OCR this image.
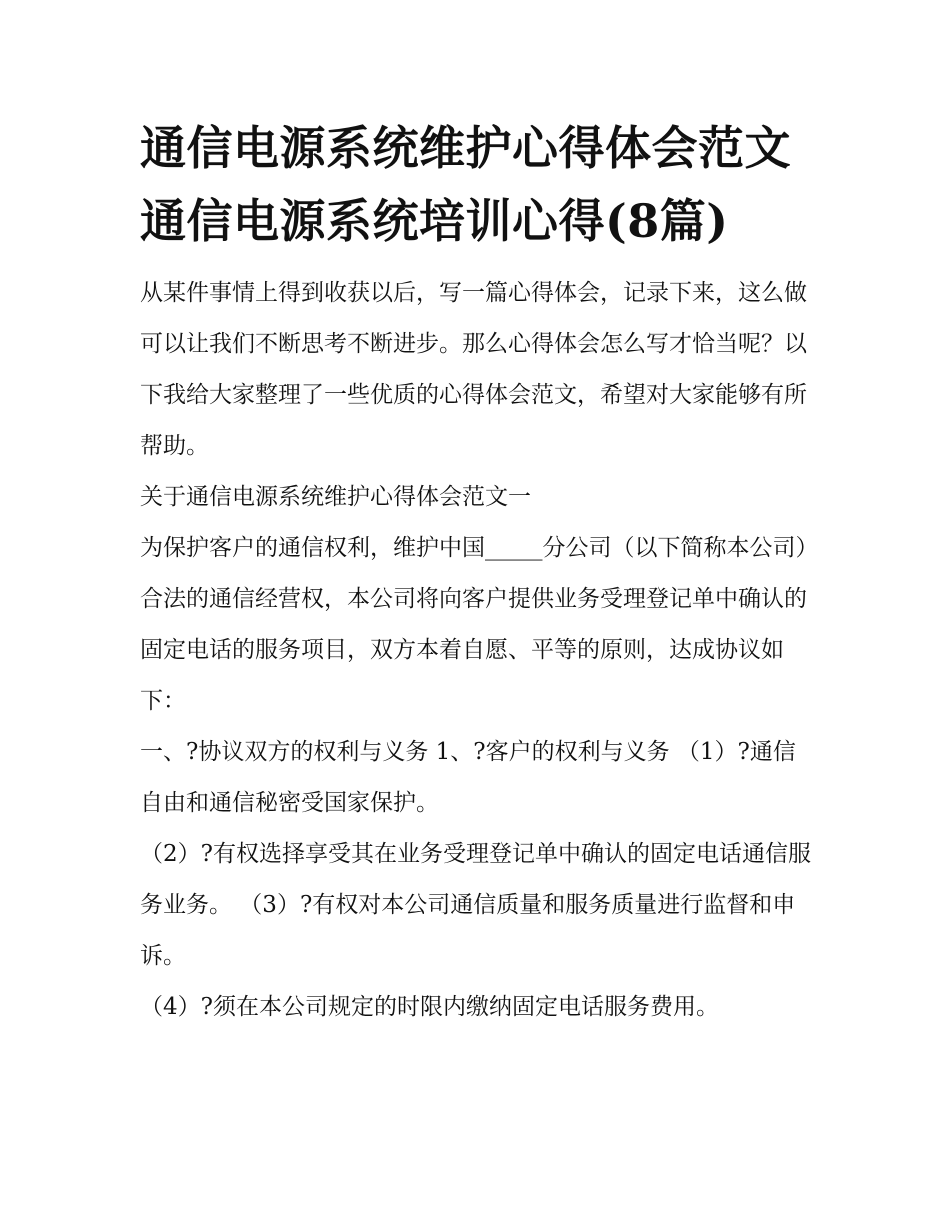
通信电源系统维护心得体会范文 通信电源系统培训心得(8篇)

从某件事情上得到收获以后，写一篇心得体会，记录下来，这么做可以让我们不断思考不断进步。那么心得体会怎么写才恰当呢？以下我给大家整理了一些优质的心得体会范文，希望对大家能够有所帮助。

关于通信电源系统维护心得体会范文一

为保护客户的通信权利，维护中国_____分公司（以下简称本公司）合法的通信经营权，本公司将向客户提供业务受理登记单中确认的固定电话的服务项目，双方本着自愿、平等的原则，达成协议如下：

一、?协议双方的权利与义务 1、?客户的权利与义务 （1）?通信自由和通信秘密受国家保护。

（2）?有权选择享受其在业务受理登记单中确认的固定电话通信服务业务。 （3）?有权对本公司通信质量和服务质量进行监督和申诉。

（4）?须在本公司规定的时限内缴纳固定电话服务费用。
